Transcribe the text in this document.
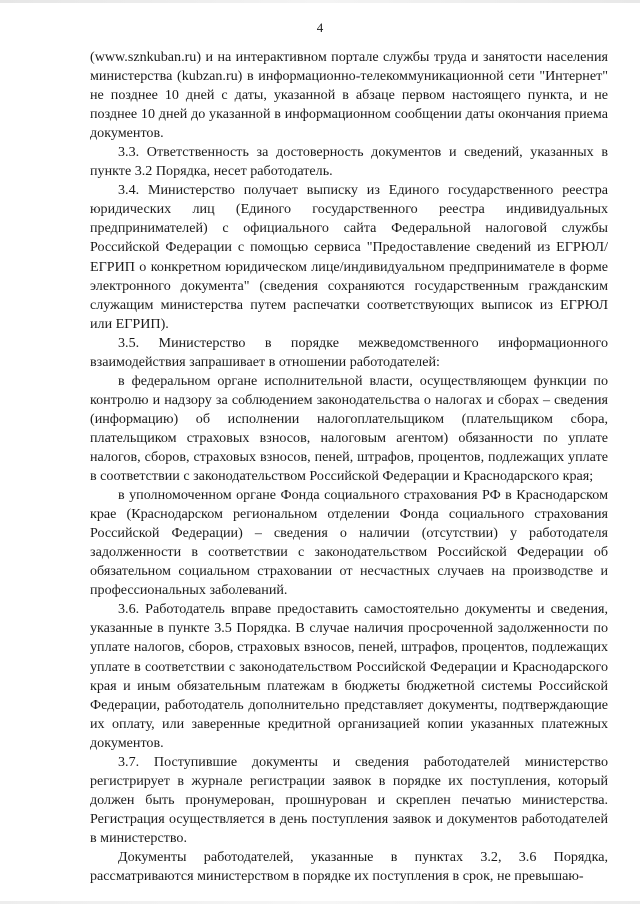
4

(www.sznkuban.ru) и на интерактивном портале службы труда и занятости населения министерства (kubzan.ru) в информационно-телекоммуникационной сети "Интернет" не позднее 10 дней с даты, указанной в абзаце первом настоящего пункта, и не позднее 10 дней до указанной в информационном сообщении даты окончания приема документов.

3.3. Ответственность за достоверность документов и сведений, указанных в пункте 3.2 Порядка, несет работодатель.

3.4. Министерство получает выписку из Единого государственного реестра юридических лиц (Единого государственного реестра индивидуальных предпринимателей) с официального сайта Федеральной налоговой службы Российской Федерации с помощью сервиса "Предоставление сведений из ЕГРЮЛ/ЕГРИП о конкретном юридическом лице/индивидуальном предпринимателе в форме электронного документа" (сведения сохраняются государственным гражданским служащим министерства путем распечатки соответствующих выписок из ЕГРЮЛ или ЕГРИП).

3.5. Министерство в порядке межведомственного информационного взаимодействия запрашивает в отношении работодателей:

в федеральном органе исполнительной власти, осуществляющем функции по контролю и надзору за соблюдением законодательства о налогах и сборах – сведения (информацию) об исполнении налогоплательщиком (плательщиком сбора, плательщиком страховых взносов, налоговым агентом) обязанности по уплате налогов, сборов, страховых взносов, пеней, штрафов, процентов, подлежащих уплате в соответствии с законодательством Российской Федерации и Краснодарского края;

в уполномоченном органе Фонда социального страхования РФ в Краснодарском крае (Краснодарском региональном отделении Фонда социального страхования Российской Федерации) – сведения о наличии (отсутствии) у работодателя задолженности в соответствии с законодательством Российской Федерации об обязательном социальном страховании от несчастных случаев на производстве и профессиональных заболеваний.

3.6. Работодатель вправе предоставить самостоятельно документы и сведения, указанные в пункте 3.5 Порядка. В случае наличия просроченной задолженности по уплате налогов, сборов, страховых взносов, пеней, штрафов, процентов, подлежащих уплате в соответствии с законодательством Российской Федерации и Краснодарского края и иным обязательным платежам в бюджеты бюджетной системы Российской Федерации, работодатель дополнительно представляет документы, подтверждающие их оплату, или заверенные кредитной организацией копии указанных платежных документов.

3.7. Поступившие документы и сведения работодателей министерство регистрирует в журнале регистрации заявок в порядке их поступления, который должен быть пронумерован, прошнурован и скреплен печатью министерства. Регистрация осуществляется в день поступления заявок и документов работодателей в министерство.

Документы работодателей, указанные в пунктах 3.2, 3.6 Порядка, рассматриваются министерством в порядке их поступления в срок, не превышаю-
